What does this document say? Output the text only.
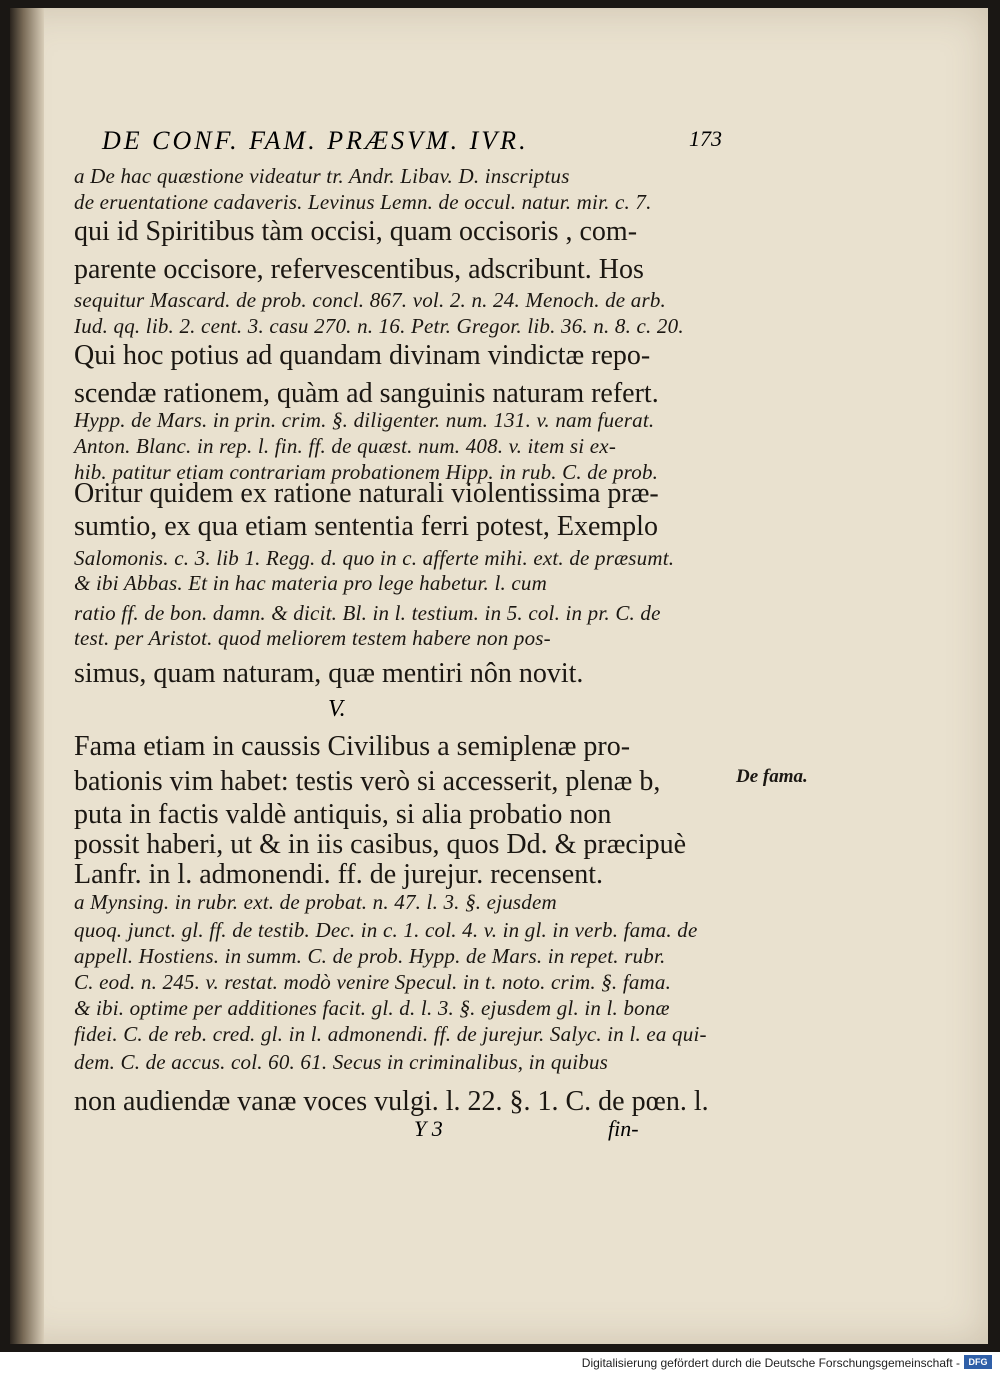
DE CONF. FAM. PRÆSVM. IVR.	173
a De hac quæstione videatur tr. Andr. Libav. D. inscriptus
de eruentatione cadaveris. Levinus Lemn. de occul. natur. mir. c. 7.
qui id Spiritibus tàm occisi, quam occisoris , com-
parente occisore, refervescentibus, adscribunt. Hos
sequitur Mascard. de prob. concl. 867. vol. 2. n. 24. Menoch. de arb.
Iud. qq. lib. 2. cent. 3. casu 270. n. 16. Petr. Gregor. lib. 36. n. 8. c. 20.
Qui hoc potius ad quandam divinam vindictæ repo-
scendæ rationem, quàm ad sanguinis naturam refert.
Hypp. de Mars. in prin. crim. §. diligenter. num. 131. v. nam fuerat.
Anton. Blanc. in rep. l. fin. ff. de quæst. num. 408. v. item si ex-
hib. patitur etiam contrariam probationem Hipp. in rub. C. de prob.
Oritur quidem ex ratione naturali violentissima præ-
sumtio, ex qua etiam sententia ferri potest, Exemplo
Salomonis. c. 3. lib 1. Regg. d. quo in c. afferte mihi. ext. de præsumt.
& ibi Abbas. Et in hac materia pro lege habetur. l. cum
ratio ff. de bon. damn. & dicit. Bl. in l. testium. in 5. col. in pr. C. de
test. per Aristot. quod meliorem testem habere non pos-
simus, quam naturam, quæ mentiri nôn novit.
Fama etiam in caussis Civilibus a semiplenæ pro-
bationis vim habet: testis verò si accesserit, plenæ b,
puta in factis valdè antiquis, si alia probatio non
possit haberi, ut & in iis casibus, quos Dd. & præcipuè
Lanfr. in l. admonendi. ff. de jurejur. recensent.
a Mynsing. in rubr. ext. de probat. n. 47. l. 3. §. ejusdem
quoq. junct. gl. ff. de testib. Dec. in c. 1. col. 4. v. in gl. in verb. fama. de
appell. Hostiens. in summ. C. de prob. Hypp. de Mars. in repet. rubr.
C. eod. n. 245. v. restat. modò venire Specul. in t. noto. crim. §. fama.
& ibi. optime per additiones facit. gl. d. l. 3. §. ejusdem gl. in l. bonæ
fidei. C. de reb. cred. gl. in l. admonendi. ff. de jurejur. Salyc. in l. ea qui-
dem. C. de accus. col. 60. 61. Secus in criminalibus, in quibus
non audiendæ vanæ voces vulgi. l. 22. §. 1. C. de pœn. l.
V.
De fama.
Y 3	fin-
Digitalisierung gefördert durch die Deutsche Forschungsgemeinschaft - DFG
